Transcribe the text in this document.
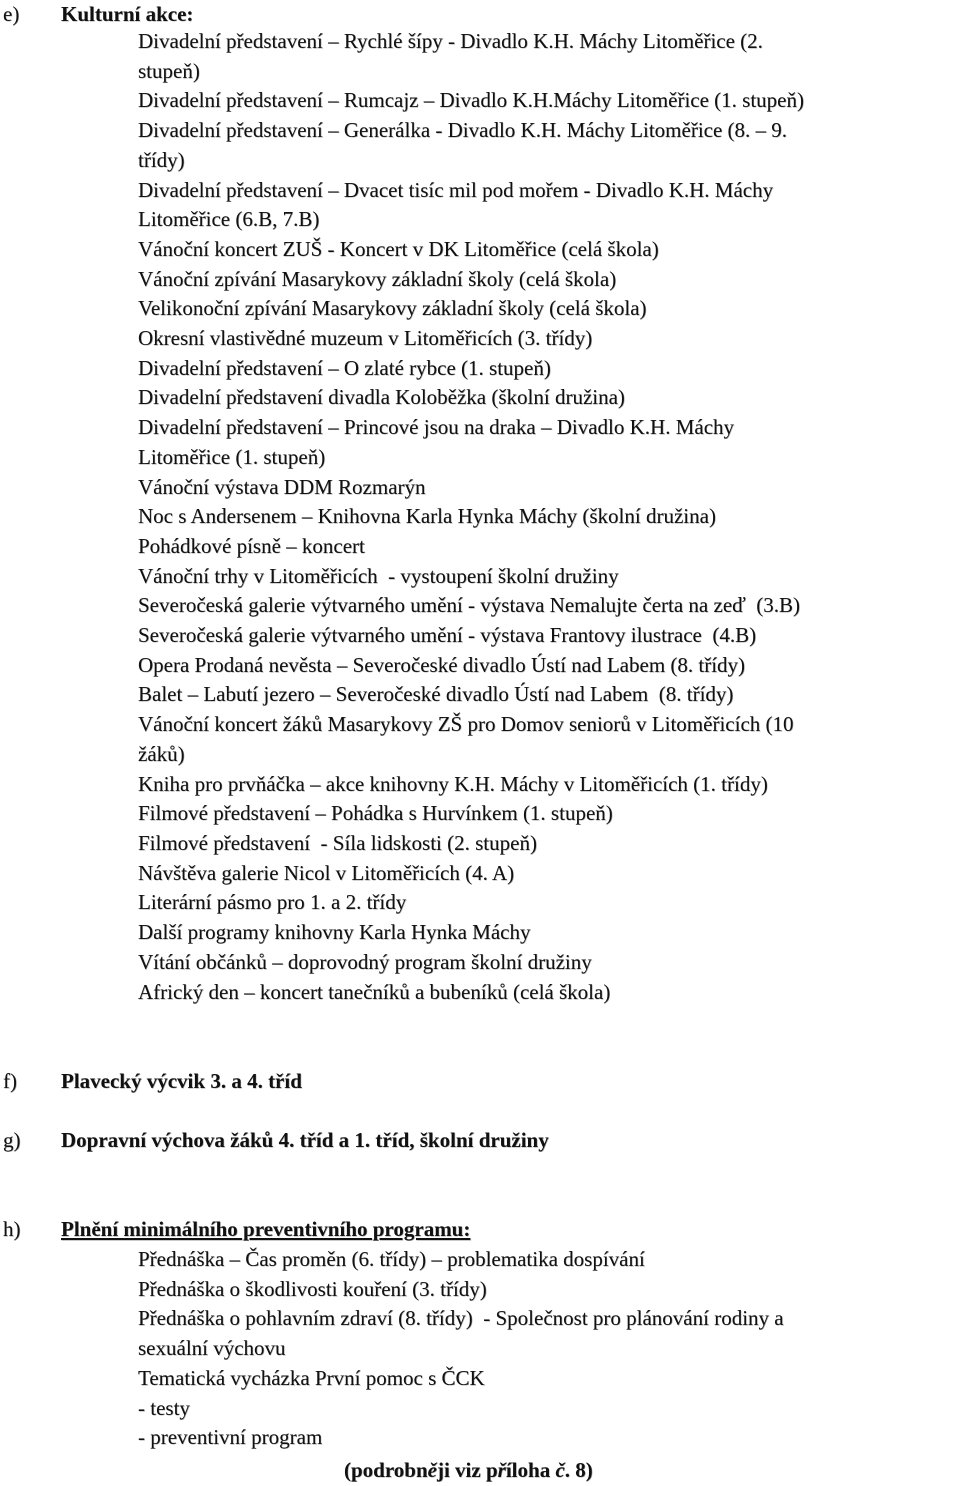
e) Kulturní akce:
Divadelní představení – Rychlé šípy - Divadlo K.H. Máchy Litoměřice (2.
stupeň)
Divadelní představení – Rumcajz – Divadlo K.H.Máchy Litoměřice (1. stupeň)
Divadelní představení – Generálka - Divadlo K.H. Máchy Litoměřice (8. – 9.
třídy)
Divadelní představení – Dvacet tisíc mil pod mořem - Divadlo K.H. Máchy
Litoměřice (6.B, 7.B)
Vánoční koncert ZUŠ - Koncert v DK Litoměřice (celá škola)
Vánoční zpívání Masarykovy základní školy (celá škola)
Velikonoční zpívání Masarykovy základní školy (celá škola)
Okresní vlastivědné muzeum v Litoměřicích (3. třídy)
Divadelní představení – O zlaté rybce (1. stupeň)
Divadelní představení divadla Koloběžka (školní družina)
Divadelní představení – Princové jsou na draka – Divadlo K.H. Máchy
Litoměřice (1. stupeň)
Vánoční výstava DDM Rozmarýn
Noc s Andersenem – Knihovna Karla Hynka Máchy (školní družina)
Pohádkové písně – koncert
Vánoční trhy v Litoměřicích  - vystoupení školní družiny
Severočeská galerie výtvarného umění - výstava Nemalujte čerta na zeď  (3.B)
Severočeská galerie výtvarného umění - výstava Frantovy ilustrace  (4.B)
Opera Prodaná nevěsta – Severočeské divadlo Ústí nad Labem (8. třídy)
Balet – Labutí jezero – Severočeské divadlo Ústí nad Labem  (8. třídy)
Vánoční koncert žáků Masarykovy ZŠ pro Domov seniorů v Litoměřicích (10
žáků)
Kniha pro prvňáčka – akce knihovny K.H. Máchy v Litoměřicích (1. třídy)
Filmové představení – Pohádka s Hurvínkem (1. stupeň)
Filmové představení  - Síla lidskosti (2. stupeň)
Návštěva galerie Nicol v Litoměřicích (4. A)
Literární pásmo pro 1. a 2. třídy
Další programy knihovny Karla Hynka Máchy
Vítání občánků – doprovodný program školní družiny
Africký den – koncert tanečníků a bubeníků (celá škola)
f) Plavecký výcvik 3. a 4. tříd
g) Dopravní výchova žáků 4. tříd a 1. tříd, školní družiny
h) Plnění minimálního preventivního programu:
Přednáška – Čas proměn (6. třídy) – problematika dospívání
Přednáška o škodlivosti kouření (3. třídy)
Přednáška o pohlavním zdraví (8. třídy)  - Společnost pro plánování rodiny a
sexuální výchovu
Tematická vycházka První pomoc s ČCK
- testy
- preventivní program
(podrobněji viz příloha č. 8)
